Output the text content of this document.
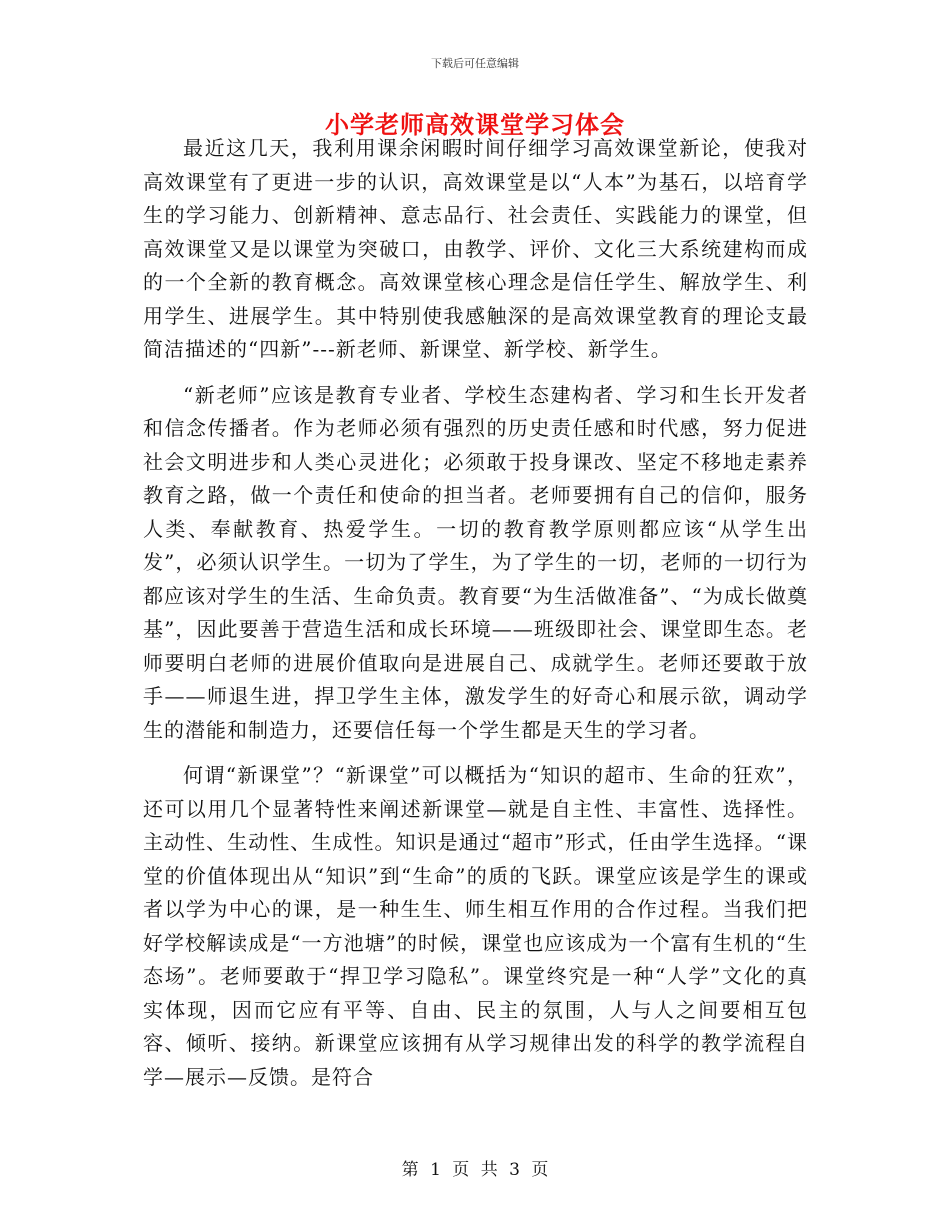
下载后可任意编辑
小学老师高效课堂学习体会

最近这几天，我利用课余闲暇时间仔细学习高效课堂新论，使我对高效课堂有了更进一步的认识，高效课堂是以“人本”为基石，以培育学生的学习能力、创新精神、意志品行、社会责任、实践能力的课堂，但高效课堂又是以课堂为突破口，由教学、评价、文化三大系统建构而成的一个全新的教育概念。高效课堂核心理念是信任学生、解放学生、利用学生、进展学生。其中特别使我感触深的是高效课堂教育的理论支最简洁描述的“四新”---新老师、新课堂、新学校、新学生。

“新老师”应该是教育专业者、学校生态建构者、学习和生长开发者和信念传播者。作为老师必须有强烈的历史责任感和时代感，努力促进社会文明进步和人类心灵进化；必须敢于投身课改、坚定不移地走素养教育之路，做一个责任和使命的担当者。老师要拥有自己的信仰，服务人类、奉献教育、热爱学生。一切的教育教学原则都应该“从学生出发”，必须认识学生。一切为了学生，为了学生的一切，老师的一切行为都应该对学生的生活、生命负责。教育要“为生活做准备”、“为成长做奠基”，因此要善于营造生活和成长环境——班级即社会、课堂即生态。老师要明白老师的进展价值取向是进展自己、成就学生。老师还要敢于放手——师退生进，捍卫学生主体，激发学生的好奇心和展示欲，调动学生的潜能和制造力，还要信任每一个学生都是天生的学习者。

何谓“新课堂”？“新课堂”可以概括为“知识的超市、生命的狂欢”，还可以用几个显著特性来阐述新课堂—就是自主性、丰富性、选择性。主动性、生动性、生成性。知识是通过“超市”形式，任由学生选择。“课堂的价值体现出从“知识”到“生命”的质的飞跃。课堂应该是学生的课或者以学为中心的课，是一种生生、师生相互作用的合作过程。当我们把好学校解读成是“一方池塘”的时候，课堂也应该成为一个富有生机的“生态场”。老师要敢于“捍卫学习隐私”。课堂终究是一种“人学”文化的真实体现，因而它应有平等、自由、民主的氛围，人与人之间要相互包容、倾听、接纳。新课堂应该拥有从学习规律出发的科学的教学流程自学—展示—反馈。是符合

第 1 页 共 3 页
